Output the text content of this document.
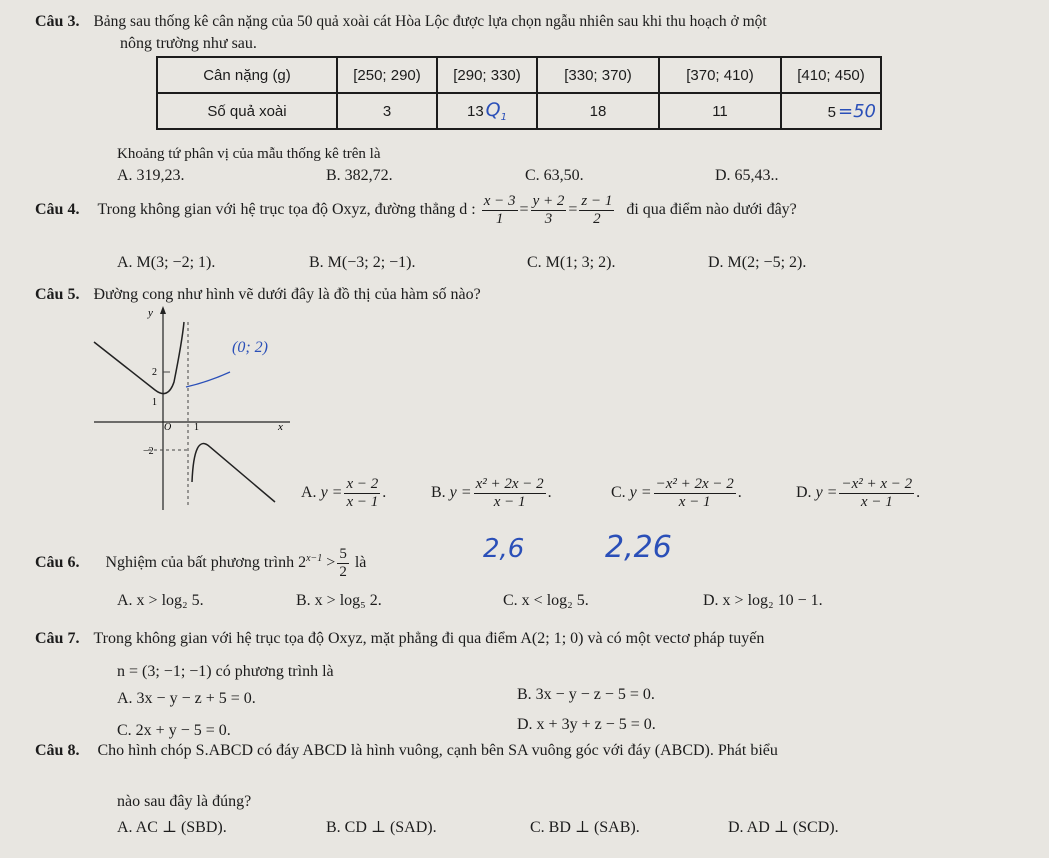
Câu 3. Bảng sau thống kê cân nặng của 50 quả xoài cát Hòa Lộc được lựa chọn ngẫu nhiên sau khi thu hoạch ở một
nông trường như sau.
Cân nặng (g)	[250; 290)	[290; 330)	[330; 370)	[370; 410)	[410; 450)
Số quả xoài	3	13 $Q_1$	18	11	5 =50
Khoảng tứ phân vị của mẫu thống kê trên là
A. 319,23.	B. 382,72.	C. 63,50.	D. 65,43..
Câu 4. Trong không gian với hệ trục tọa độ Oxyz, đường thẳng d : $\frac{x - 3}{1} = \frac{y + 2}{3} = \frac{z - 1}{2}$ đi qua điểm nào dưới đây?
A. M(3; −2; 1).	B. M(−3; 2; −1).	C. M(1; 3; 2).	D. M(2; −5; 2).
Câu 5. Đường cong như hình vẽ dưới đây là đồ thị của hàm số nào?
y
x
O
2
1
−2
1
(0; 2)
A. $y = \frac{x - 2}{x - 1}$ .	B. $y = \frac{\text{x² + 2x − 2}}{x - 1}$ .	C. $y = \frac{\text{−x² + 2x − 2}}{x - 1}$ .	D. $y = \frac{\text{−x² + x − 2}}{x - 1}$ .
Câu 6. Nghiệm của bất phương trình $2^{x-1} > \frac{5}{2}$ là	2,6	2,26
A. x > log₂ 5.	B. x > log₅ 2.	C. x < log₂ 5.	D. x > log₂ 10 − 1.
Câu 7. Trong không gian với hệ trục tọa độ Oxyz, mặt phẳng đi qua điểm A(2; 1; 0) và có một vectơ pháp tuyến
n = (3; −1; −1) có phương trình là
A. 3x − y − z + 5 = 0.	B. 3x − y − z − 5 = 0.
C. 2x + y − 5 = 0.	D. x + 3y + z − 5 = 0.
Câu 8. Cho hình chóp S.ABCD có đáy ABCD là hình vuông, cạnh bên SA vuông góc với đáy (ABCD). Phát biểu
nào sau đây là đúng?
A. AC ⊥ (SBD).	B. CD ⊥ (SAD).	C. BD ⊥ (SAB).	D. AD ⊥ (SCD).
